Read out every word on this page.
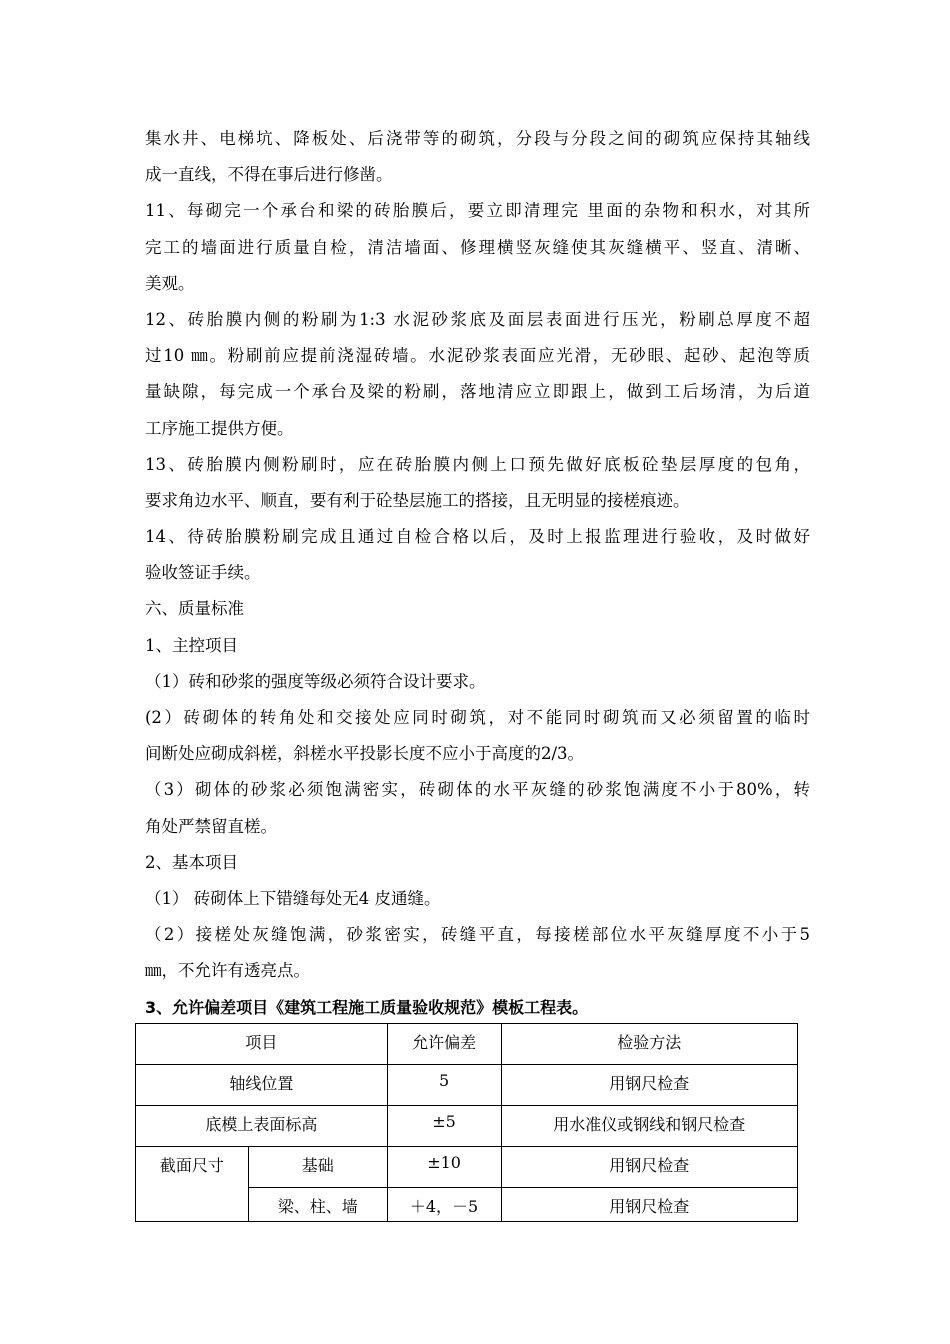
集水井、电梯坑、降板处、后浇带等的砌筑，分段与分段之间的砌筑应保持其轴线
成一直线，不得在事后进行修凿。
11、每砌完一个承台和梁的砖胎膜后，要立即清理完 里面的杂物和积水，对其所
完工的墙面进行质量自检，清洁墙面、修理横竖灰缝使其灰缝横平、竖直、清晰、
美观。
12、砖胎膜内侧的粉刷为1:3 水泥砂浆底及面层表面进行压光，粉刷总厚度不超
过10 ㎜。粉刷前应提前浇湿砖墙。水泥砂浆表面应光滑，无砂眼、起砂、起泡等质
量缺隙，每完成一个承台及梁的粉刷，落地清应立即跟上，做到工后场清，为后道
工序施工提供方便。
13、砖胎膜内侧粉刷时，应在砖胎膜内侧上口预先做好底板砼垫层厚度的包角，
要求角边水平、顺直，要有利于砼垫层施工的搭接，且无明显的接槎痕迹。
14、待砖胎膜粉刷完成且通过自检合格以后，及时上报监理进行验收，及时做好
验收签证手续。
六、质量标准
1、主控项目
（1）砖和砂浆的强度等级必须符合设计要求。
(2）砖砌体的转角处和交接处应同时砌筑，对不能同时砌筑而又必须留置的临时
间断处应砌成斜槎，斜槎水平投影长度不应小于高度的2/3。
（3）砌体的砂浆必须饱满密实，砖砌体的水平灰缝的砂浆饱满度不小于80%，转
角处严禁留直槎。
2、基本项目
（1） 砖砌体上下错缝每处无4 皮通缝。
（2）接槎处灰缝饱满，砂浆密实，砖缝平直，每接槎部位水平灰缝厚度不小于5
㎜，不允许有透亮点。
3、允许偏差项目《建筑工程施工质量验收规范》模板工程表。
项目		允许偏差	检验方法
轴线位置		5	用钢尺检查
底模上表面标高		±5	用水准仪或钢线和钢尺检查
截面尺寸	基础	±10	用钢尺检查
	梁、柱、墙	＋4，－5	用钢尺检查
